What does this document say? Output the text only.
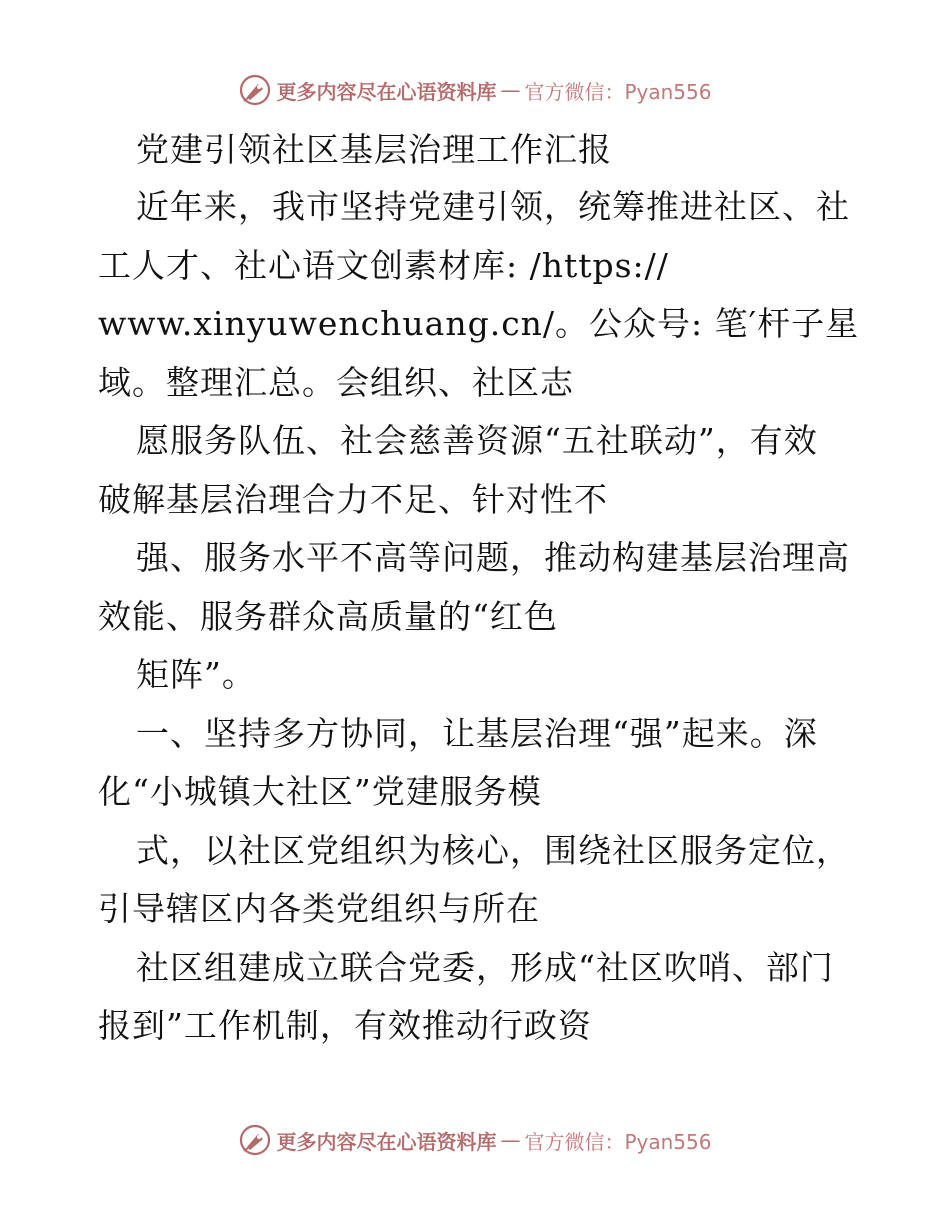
更多内容尽在心语资料库 — 官方微信：Pyan556
党建引领社区基层治理工作汇报
近年来，我市坚持党建引领，统筹推进社区、社
工人才、社心语文创素材库: /https://
www.xinyuwenchuang.cn/。公众号: 笔′杆子星
域。整理汇总。会组织、社区志
愿服务队伍、社会慈善资源“五社联动”，有效
破解基层治理合力不足、针对性不
强、服务水平不高等问题，推动构建基层治理高
效能、服务群众高质量的“红色
矩阵”。
一、坚持多方协同，让基层治理“强”起来。深
化“小城镇大社区”党建服务模
式，以社区党组织为核心，围绕社区服务定位，
引导辖区内各类党组织与所在
社区组建成立联合党委，形成“社区吹哨、部门
报到”工作机制，有效推动行政资
更多内容尽在心语资料库 — 官方微信：Pyan556
